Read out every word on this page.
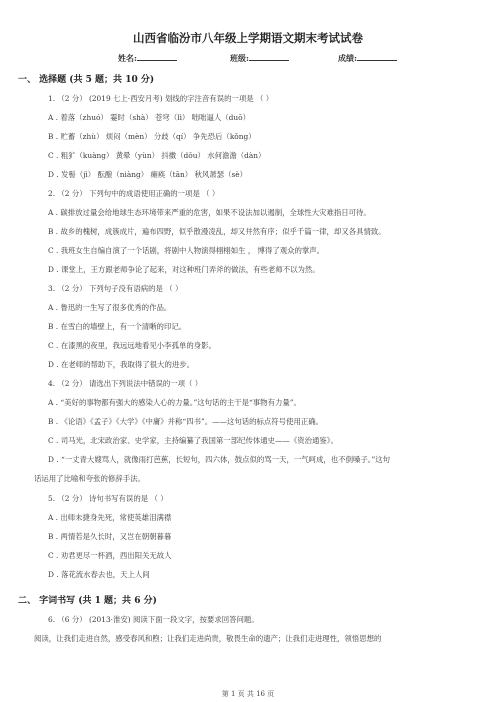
山西省临汾市八年级上学期语文期末考试试卷
姓名:	班级:	成绩:
一、 选择题 (共 5 题；共 10 分)
1. （2 分） (2019 七上·西安月考) 划线的字注音有误的一项是 （ ）
A . 着落（zhuó） 霎时（shà） 苍穹（lì） 咄咄逼人（duō）
B . 贮蓄（zhù） 烦闷（mèn） 分歧（qí） 争先恐后（kǒng）
C . 粗犷（kuàng） 黄晕（yùn） 抖擞（dǒu） 水何澹澹（dàn）
D . 发髻（jì） 酝酿（niàng） 瘫痪（tān） 秋风萧瑟（sè）
2. （2 分） 下列句中的成语使用正确的一项是 （ ）
A . 碳排放过量会给地球生态环境带来严重的危害，如果不设法加以遏制，全球性大灾难指日可待。
B . 故乡的槐树，成簇成片，遍布四野，似乎散漫凌乱，却又井然有序；似乎千篇一律，却又各具情致。
C . 我班女生自编自演了一个话剧，将剧中人物演得栩栩如生 ， 博得了观众的掌声。
D . 课堂上，王方跟老师争论了起来，对这种班门弄斧的做法，有些老师不以为然。
3. （2 分） 下列句子没有语病的是 （ ）
A . 鲁迅的一生写了很多优秀的作品。
B . 在雪白的墙壁上，有一个清晰的印记。
C . 在漆黑的夜里，我远远地看见小李孤单的身影。
D . 在老师的帮助下，我取得了很大的进步。
4. （2 分） 请选出下列说法中错误的一项（ ）
A . “美好的事物都有强大的感染人心的力量。”这句话的主干是“事物有力量”。
B . 《论语》《孟子》《大学》《中庸》并称“四书”。——这句话的标点符号使用正确。
C . 司马光，北宋政治家、史学家，主持编纂了我国第一部纪传体通史——《资治通鉴》。
D . “一丈青大嫂骂人，就像雨打芭蕉，长短句，四六体，鼓点似的骂一天，一气呵成，也不倒嗓子。”这句
话运用了比喻和夸张的修辞手法。
5. （2 分） 诗句书写有误的是 （ ）
A . 出师未捷身先死，常使英雄泪满襟
B . 两情若是久长时，又岂在朝朝暮暮
C . 劝君更尽一杯酒，西出阳关无故人
D . 落花流水春去也，天上人间
二、 字词书写 (共 1 题；共 6 分)
6. （6 分） (2013·淮安) 阅读下面一段文字，按要求回答问题。
阅读，让我们走进自然，感受春风和煦；让我们走进尚贵，敬畏生命的遗产；让我们走进理性，领悟思想的
第 1 页 共 16 页
